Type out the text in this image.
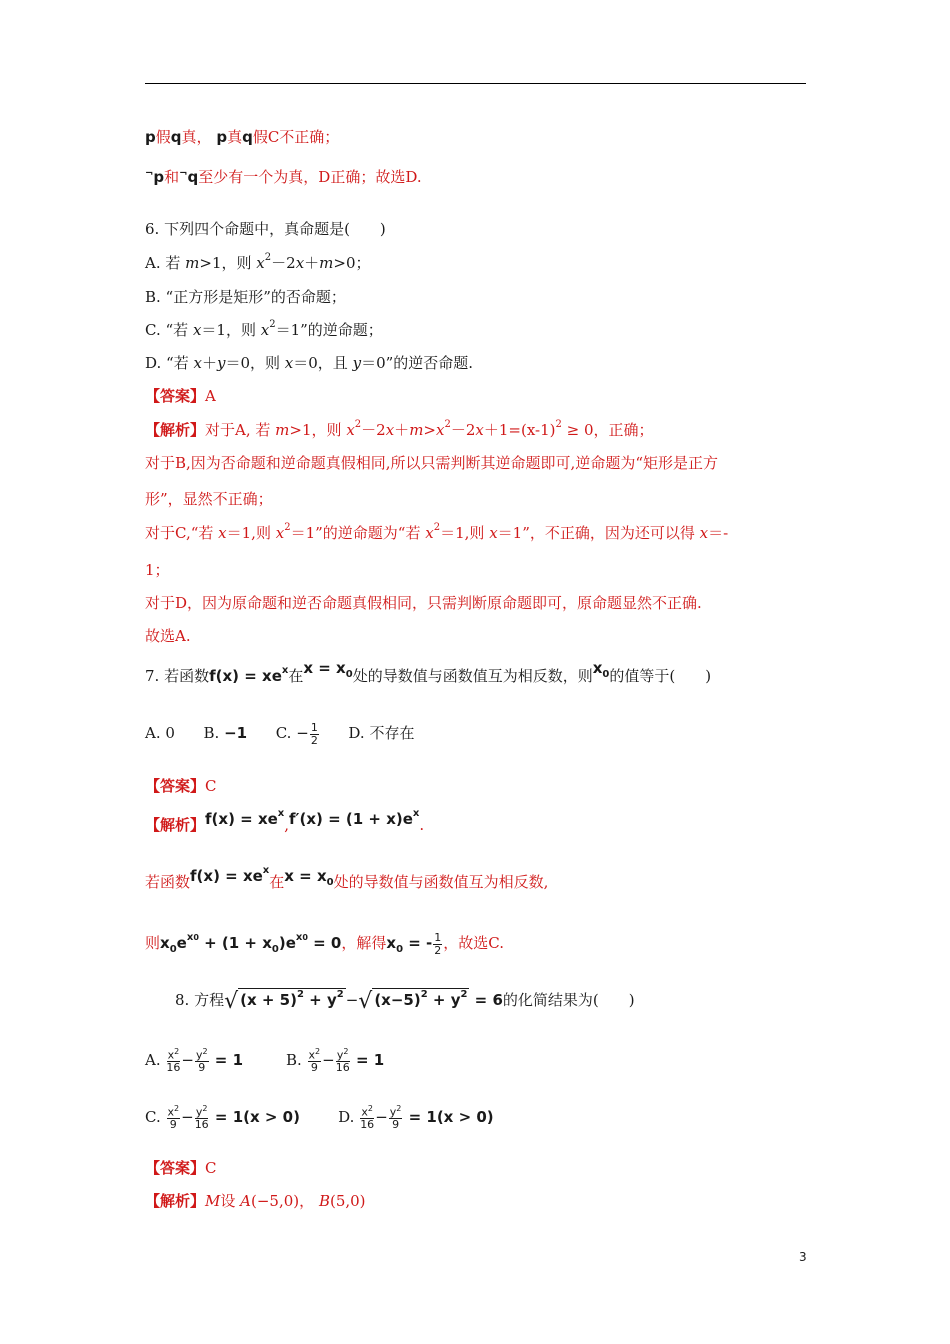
p假q真， p真q假C不正确；
¬p和¬q至少有一个为真，D正确；故选D.
6. 下列四个命题中，真命题是(　　)
A. 若 m>1，则 $x^2-2x+m>0$；
B. “正方形是矩形”的否命题；
C. “若 x＝1，则 $x^2=1$”的逆命题；
D. “若 x＋y＝0，则 x＝0，且 y＝0”的逆否命题.
【答案】A
【解析】对于A, 若 m>1，则 $x^2-2x+m>x^2-2x+1=(x-1)^2 \ge 0$，正确；
对于B,因为否命题和逆命题真假相同,所以只需判断其逆命题即可,逆命题为“矩形是正方
形”，显然不正确；
对于C,“若 x＝1,则 $x^2=1$”的逆命题为“若 $x^2=1$,则 x＝1”，不正确，因为还可以得 x＝-
1；
对于D，因为原命题和逆否命题真假相同，只需判断原命题即可，原命题显然不正确.
故选A.
7. 若函数$f(x) = xe^x$在$x = x_0$处的导数值与函数值互为相反数，则$x_0$的值等于(　　)
A. 0 B. −1 C. − $\frac{1}{2} D$. 不存在
【答案】C
【解析】$f(x) = xe^x,f'(x) = (1 + x)e^x$.
若函数$f(x) = xe^x$在$x = x_0$处的导数值与函数值互为相反数,
则$x_0e^{x0} + (1 + x_0)e^{x0} = 0$，解得$x_0$ = - $\frac{1}{2}$ ，故选C.
8. 方程√ $(x + 5)^2 + y^2$ −√ $(x-5)^2 + y^2 = 6$的化简结果为(　　)
A. $\frac{x^2}{16} - \frac{y^2}{9} = 1$	B. $\frac{x^2}{9} - \frac{y^2}{16} = 1$
C. $\frac{x^2}{9} - \frac{y^2}{16} = 1(x > 0)$	D. $\frac{x^2}{16} - \frac{y^2}{9} = 1(x > 0)$
【答案】C
【解析】M设 A(−5,0)， B(5,0)
3
